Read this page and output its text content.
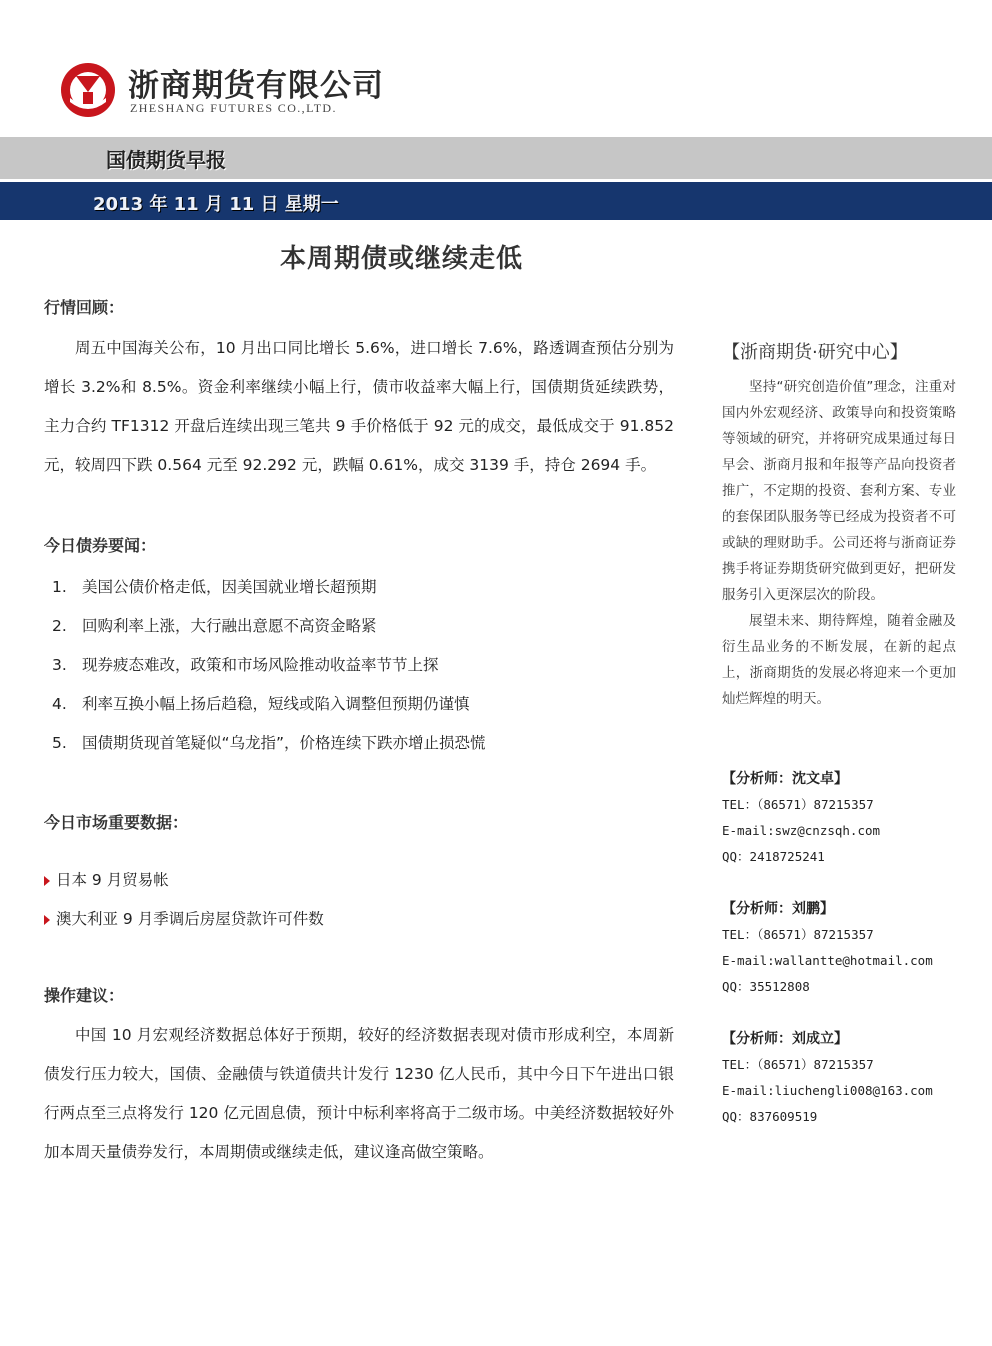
浙商期货有限公司
ZHESHANG FUTURES CO.,LTD.
国债期货早报
2013 年 11 月 11 日 星期一
本周期债或继续走低
行情回顾：

周五中国海关公布，10 月出口同比增长 5.6%，进口增长 7.6%，路透调查预估分别为增长 3.2%和 8.5%。资金利率继续小幅上行，债市收益率大幅上行，国债期货延续跌势，主力合约 TF1312 开盘后连续出现三笔共 9 手价格低于 92 元的成交，最低成交于 91.852 元，较周四下跌 0.564 元至 92.292 元，跌幅 0.61%，成交 3139 手，持仓 2694 手。

今日债券要闻：
1. 美国公债价格走低，因美国就业增长超预期
2. 回购利率上涨，大行融出意愿不高资金略紧
3. 现券疲态难改，政策和市场风险推动收益率节节上探
4. 利率互换小幅上扬后趋稳，短线或陷入调整但预期仍谨慎
5. 国债期货现首笔疑似“乌龙指”，价格连续下跌亦增止损恐慌
今日市场重要数据：
日本 9 月贸易帐
澳大利亚 9 月季调后房屋贷款许可件数
操作建议：

中国 10 月宏观经济数据总体好于预期，较好的经济数据表现对债市形成利空，本周新债发行压力较大，国债、金融债与铁道债共计发行 1230 亿人民币，其中今日下午进出口银行两点至三点将发行 120 亿元固息债，预计中标利率将高于二级市场。中美经济数据较好外加本周天量债券发行，本周期债或继续走低，建议逢高做空策略。

【浙商期货·研究中心】

坚持“研究创造价值”理念，注重对国内外宏观经济、政策导向和投资策略等领域的研究，并将研究成果通过每日早会、浙商月报和年报等产品向投资者推广，不定期的投资、套利方案、专业的套保团队服务等已经成为投资者不可或缺的理财助手。公司还将与浙商证券携手将证券期货研究做到更好，把研发服务引入更深层次的阶段。

展望未来、期待辉煌，随着金融及衍生品业务的不断发展，在新的起点上，浙商期货的发展必将迎来一个更加灿烂辉煌的明天。

【分析师：沈文卓】
TEL：（86571）87215357
E-mail:swz@cnzsqh.com
QQ：2418725241
【分析师：刘鹏】
TEL：（86571）87215357
E-mail:wallantte@hotmail.com
QQ：35512808
【分析师：刘成立】
TEL：（86571）87215357
E-mail:liuchengli008@163.com
QQ：837609519
